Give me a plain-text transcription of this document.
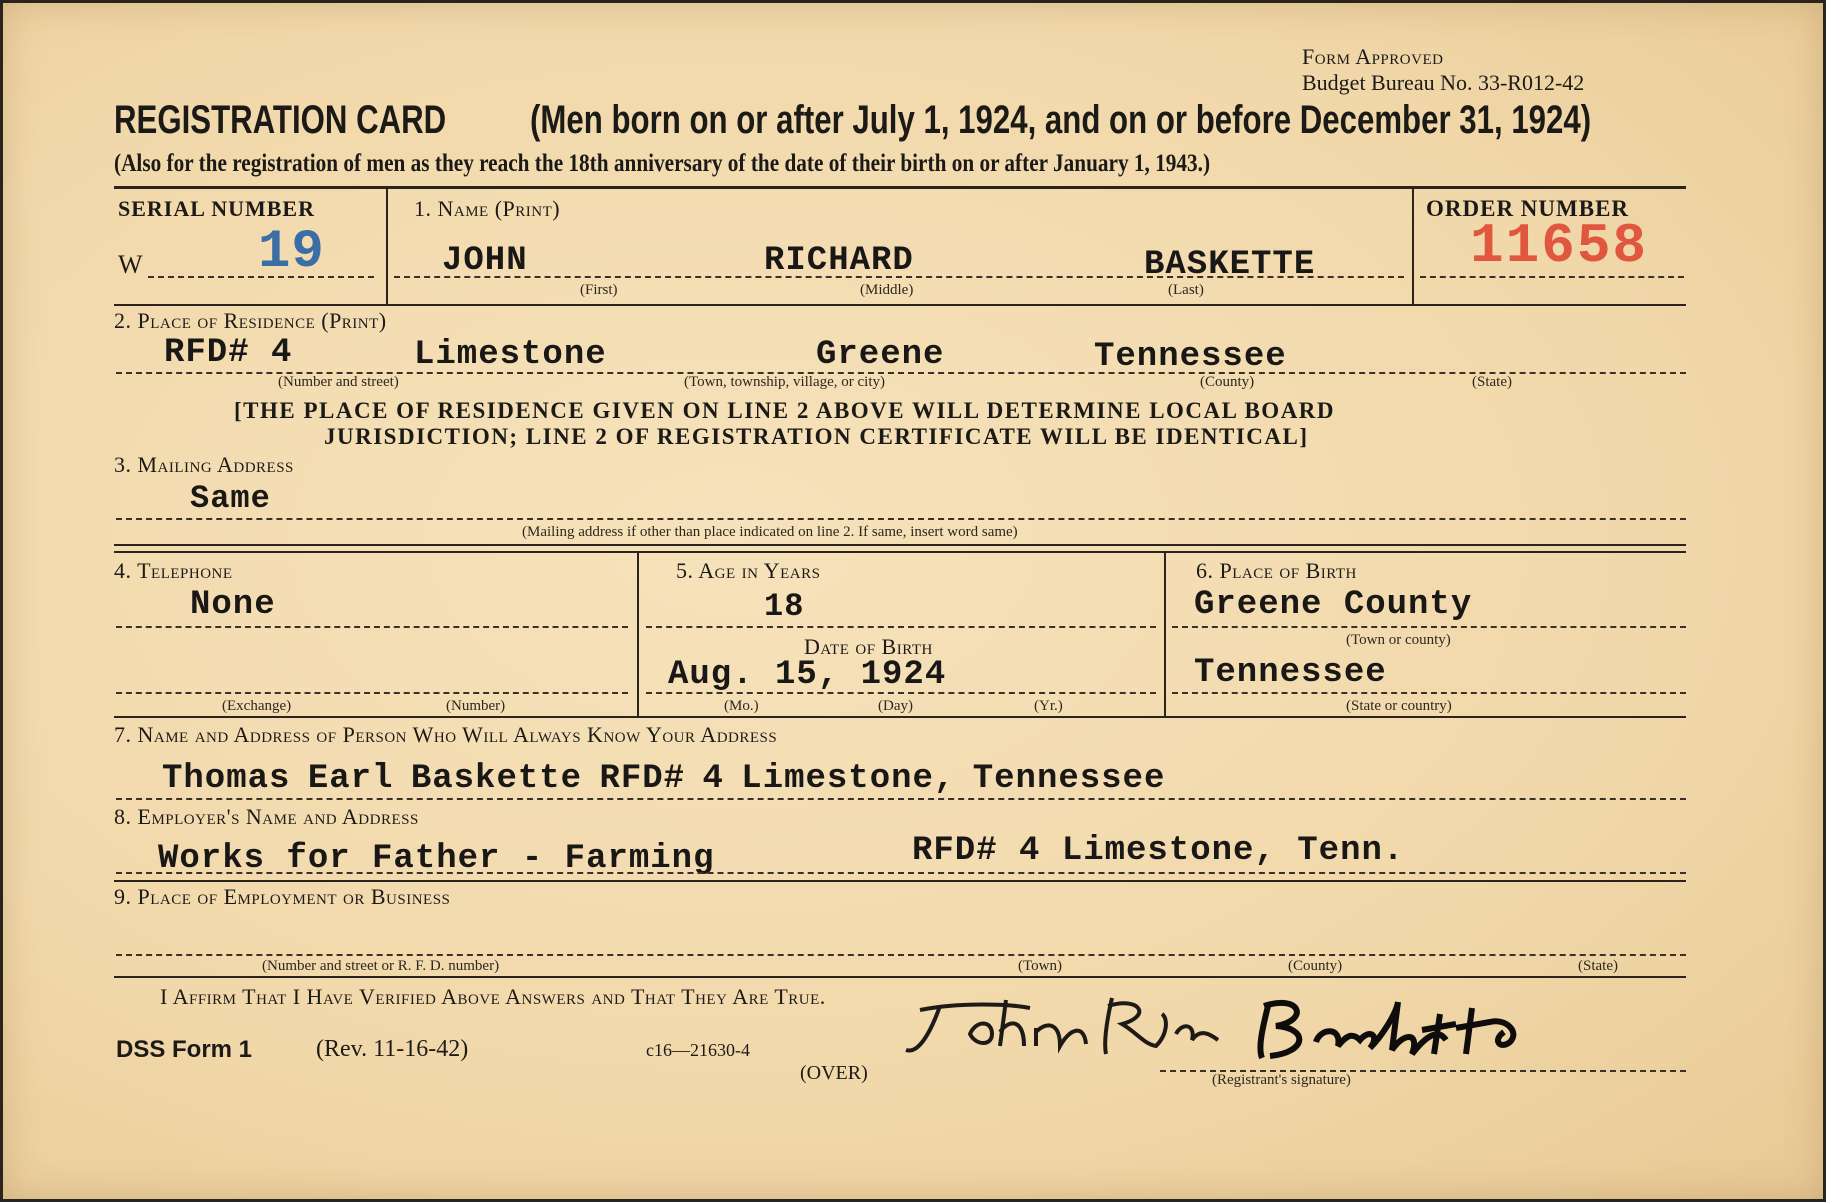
Form Approved
Budget Bureau No. 33-R012-42
REGISTRATION CARD (Men born on or after July 1, 1924, and on or before December 31, 1924)
(Also for the registration of men as they reach the 18th anniversary of the date of their birth on or after January 1, 1943.)
SERIAL NUMBER
W 19
1. Name (Print)
JOHN	RICHARD	BASKETTE
(First)	(Middle)	(Last)
ORDER NUMBER
11658
2. Place of Residence (Print)
RFD# 4	Limestone	Greene	Tennessee
(Number and street)	(Town, township, village, or city)	(County)	(State)
[THE PLACE OF RESIDENCE GIVEN ON LINE 2 ABOVE WILL DETERMINE LOCAL BOARD
JURISDICTION; LINE 2 OF REGISTRATION CERTIFICATE WILL BE IDENTICAL]
3. Mailing Address
Same
(Mailing address if other than place indicated on line 2. If same, insert word same)
4. Telephone
None
(Exchange)	(Number)
5. Age in Years
18
Date of Birth
Aug. 15, 1924
(Mo.)	(Day)	(Yr.)
6. Place of Birth
Greene County
(Town or county)
Tennessee
(State or country)
7. Name and Address of Person Who Will Always Know Your Address
Thomas Earl Baskette RFD# 4 Limestone, Tennessee
8. Employer's Name and Address
Works for Father - Farming	RFD# 4 Limestone, Tenn.
9. Place of Employment or Business
(Number and street or R. F. D. number)	(Town)	(County)	(State)
I Affirm That I Have Verified Above Answers and That They Are True.
(Registrant's signature)
DSS Form 1	(Rev. 11-16-42)	c16—21630-4
(OVER)
